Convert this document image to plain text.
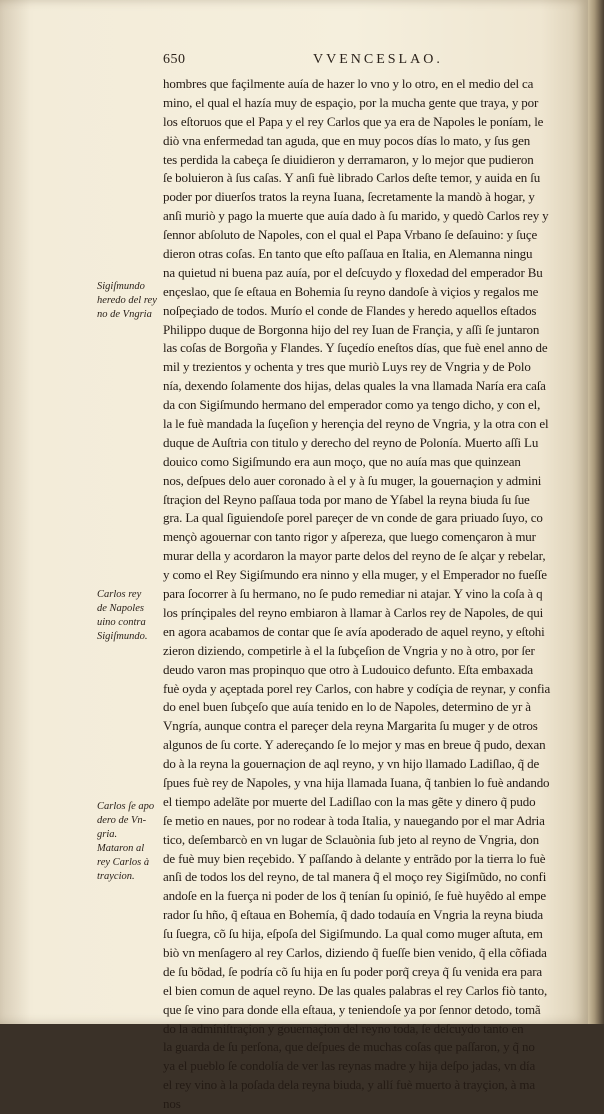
650	VVENCESLAO.
Sigiſmundo
heredo del rey
no de Vngria
Carlos rey
de Napoles
uino contra
Sigiſmundo.
Carlos ſe apo
dero de Vn-
gria.
Mataron al
rey Carlos à
traycion.
hombres que façilmente auía de hazer lo vno y lo otro, en el medio del ca
mino, el qual el hazía muy de espaçio, por la mucha gente que traya, y por
los eſtoruos que el Papa y el rey Carlos que ya era de Napoles le poníam, le
diò vna enfermedad tan aguda, que en muy pocos días lo mato, y ſus gen
tes perdida la cabeça ſe diuidieron y derramaron, y lo mejor que pudieron
ſe boluieron à ſus caſas. Y anſi fuè librado Carlos deſte temor, y auida en ſu
poder por diuerſos tratos la reyna Iuana, ſecretamente la mandò à hogar, y
anſi muriò y pago la muerte que auía dado à ſu marido, y quedò Carlos rey y
ſennor abſoluto de Napoles, con el qual el Papa Vrbano ſe deſauino: y ſuçe
dieron otras coſas. En tanto que eſto paſſaua en Italia, en Alemanna ningu
na quietud ni buena paz auía, por el deſcuydo y floxedad del emperador Bu
ençeslao, que ſe eſtaua en Bohemia ſu reyno dandoſe à viçios y regalos me
noſpeçiado de todos. Murío el conde de Flandes y heredo aquellos eſtados
Philippo duque de Borgonna hijo del rey Iuan de Françia, y aſſi ſe juntaron
las coſas de Borgoña y Flandes. Y ſuçedío eneſtos días, que fuè enel anno de
mil y trezientos y ochenta y tres que muriò Luys rey de Vngria y de Polo
nía, dexendo ſolamente dos hijas, delas quales la vna llamada Naría era caſa
da con Sigiſmundo hermano del emperador como ya tengo dicho, y con el,
la le fuè mandada la ſuçeſion y herençia del reyno de Vngria, y la otra con el
duque de Auſtria con titulo y derecho del reyno de Polonía. Muerto aſſi Lu
douico como Sigiſmundo era aun moço, que no auía mas que quinzean
nos, deſpues delo auer coronado à el y à ſu muger, la gouernaçion y admini
ſtraçion del Reyno paſſaua toda por mano de Yſabel la reyna biuda ſu ſue
gra. La qual ſiguiendoſe porel pareçer de vn conde de gara priuado ſuyo, co
mençò agouernar con tanto rigor y aſpereza, que luego començaron à mur
murar della y acordaron la mayor parte delos del reyno de ſe alçar y rebelar,
y como el Rey Sigiſmundo era ninno y ella muger, y el Emperador no fueſſe
para ſocorrer à ſu hermano, no ſe pudo remediar ni atajar. Y vino la coſa à q
los prínçipales del reyno embiaron à llamar à Carlos rey de Napoles, de qui
en agora acabamos de contar que ſe avía apoderado de aquel reyno, y eſtohi
zieron diziendo, competirle à el la ſubçeſion de Vngria y no à otro, por ſer
deudo varon mas propinquo que otro à Ludouico defunto. Eſta embaxada
fuè oyda y açeptada porel rey Carlos, con habre y codíçia de reynar, y confia
do enel buen ſubçeſo que auía tenido en lo de Napoles, determino de yr à
Vngría, aunque contra el pareçer dela reyna Margarita ſu muger y de otros
algunos de ſu corte. Y adereçando ſe lo mejor y mas en breue q̃ pudo, dexan
do à la reyna la gouernaçion de aql reyno, y vn hijo llamado Ladiſlao, q̃ de
ſpues fuè rey de Napoles, y vna hija llamada Iuana, q̃ tanbien lo fuè andando
el tiempo adelãte por muerte del Ladiſlao con la mas gẽte y dinero q̃ pudo
ſe metio en naues, por no rodear à toda Italia, y nauegando por el mar Adria
tico, deſembarcò en vn lugar de Sclauònia ſub jeto al reyno de Vngria, don
de fuè muy bien reçebido. Y paſſando à delante y entrãdo por la tierra lo fuè
anſi de todos los del reyno, de tal manera q̃ el moço rey Sigiſmũdo, no confi
andoſe en la fuerça ni poder de los q̃ tenían ſu opinió, ſe fuè huyêdo al empe
rador ſu hño, q̃ eſtaua en Bohemía, q̃ dado todauía en Vngria la reyna biuda
ſu ſuegra, cõ ſu hija, eſpoſa del Sigiſmundo. La qual como muger aſtuta, em
biò vn menſagero al rey Carlos, diziendo q̃ fueſſe bien venido, q̃ ella cõfiada
de ſu bõdad, ſe podría cõ ſu hija en ſu poder porq̃ creya q̃ ſu venida era para
el bien comun de aquel reyno. De las quales palabras el rey Carlos fiò tanto,
que ſe vino para donde ella eſtaua, y teniendoſe ya por ſennor detodo, tomã
do la admíniſtraçion y gouernaçion del reyno toda, ſe deſcuydo tanto en
la guarda de ſu perſona, que deſpues de muchas coſas que paſſaron, y q̃ no
ya el pueblo ſe condolía de ver las reynas madre y hija deſpo jadas, vn día
el rey vino à la poſada dela reyna biuda, y allí fuè muerto à trayçion, à ma
nos
